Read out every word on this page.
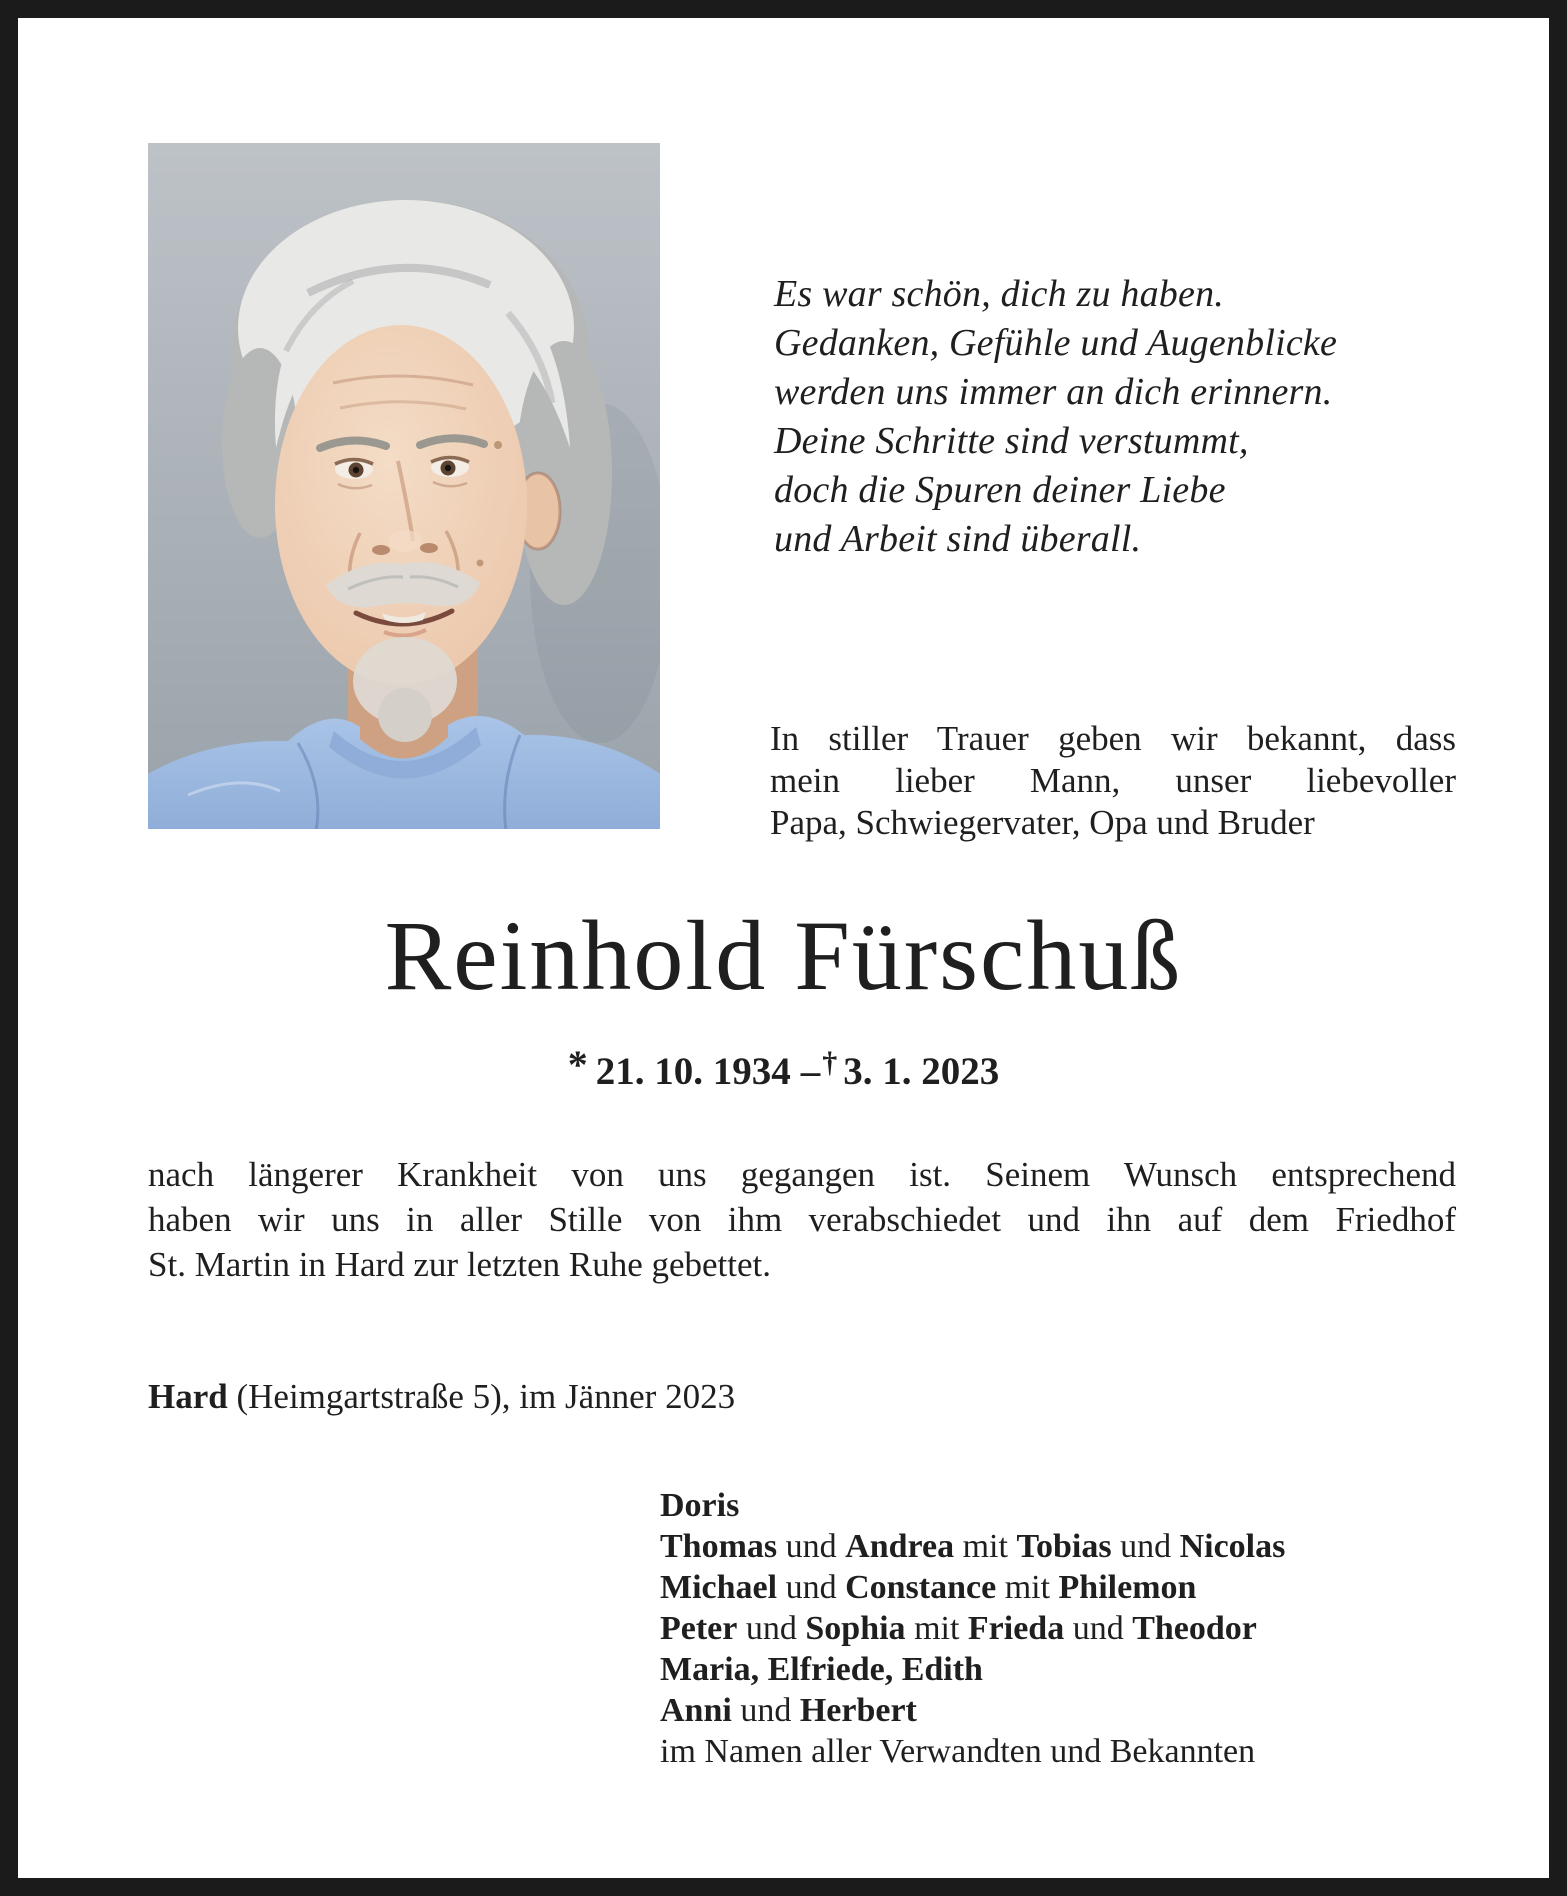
Es war schön, dich zu haben.
Gedanken, Gefühle und Augenblicke
werden uns immer an dich erinnern.
Deine Schritte sind verstummt,
doch die Spuren deiner Liebe
und Arbeit sind überall.
In stiller Trauer geben wir bekannt, dass
mein lieber Mann, unser liebevoller
Papa, Schwiegervater, Opa und Bruder
Reinhold Fürschuß
* 21. 10. 1934 –† 3. 1. 2023
nach längerer Krankheit von uns gegangen ist. Seinem Wunsch entsprechend
haben wir uns in aller Stille von ihm verabschiedet und ihn auf dem Friedhof
St. Martin in Hard zur letzten Ruhe gebettet.
Hard (Heimgartstraße 5), im Jänner 2023
Doris
Thomas und Andrea mit Tobias und Nicolas
Michael und Constance mit Philemon
Peter und Sophia mit Frieda und Theodor
Maria, Elfriede, Edith
Anni und Herbert
im Namen aller Verwandten und Bekannten
